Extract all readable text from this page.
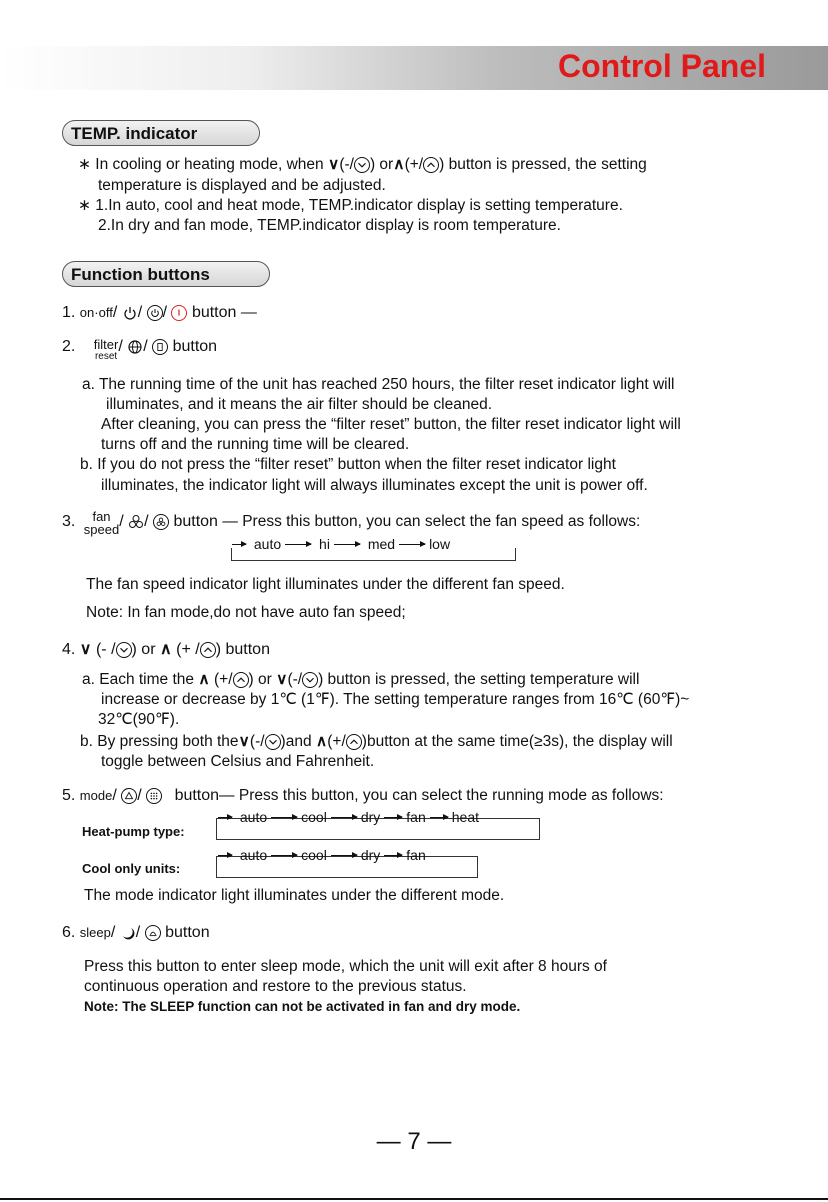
Control Panel
TEMP. indicator
∗ In cooling or heating mode, when ∨(-/ ) or∧(+/ ) button is pressed, the setting
temperature is displayed and be adjusted.
∗ 1.In auto, cool and heat mode, TEMP.indicator display is setting temperature.
2.In dry and fan mode, TEMP.indicator display is room temperature.
Function buttons
1. on·off/
/
/
button —
2. filter
reset
/
/
button
a. The running time of the unit has reached 250 hours, the filter reset indicator light will
illuminates, and it means the air filter should be cleaned.
After cleaning, you can press the “filter reset” button, the filter reset indicator light will
turns off and the running time will be cleared.
b. If you do not press the “filter reset” button when the filter reset indicator light
illuminates, the indicator light will always illuminates except the unit is power off.
3.	fan
speed /
/
button — Press this button, you can select the fan speed as follows:
auto	hi	med low
The fan speed indicator light illuminates under the different fan speed.
Note: In fan mode,do not have auto fan speed;
4. ∨ (- / ) or ∧ (+ / ) button
a. Each time the ∧ (+/ ) or ∨(-/ ) button is pressed, the setting temperature will
increase or decrease by 1℃ (1℉). The setting temperature ranges from 16℃ (60℉)~
32℃(90℉).
b. By pressing both the∨(-/ )and ∧(+/ )button at the same time(≥3s), the display will
toggle between Celsius and Fahrenheit.
5. mode/
/
button— Press this button, you can select the running mode as follows:
Heat-pump type:
auto cool dry fan heat
Cool only units:
auto cool dry fan
The mode indicator light illuminates under the different mode.
6. sleep/
/
button
Press this button to enter sleep mode, which the unit will exit after 8 hours of
continuous operation and restore to the previous status.
Note: The SLEEP function can not be activated in fan and dry mode.
— 7 —
